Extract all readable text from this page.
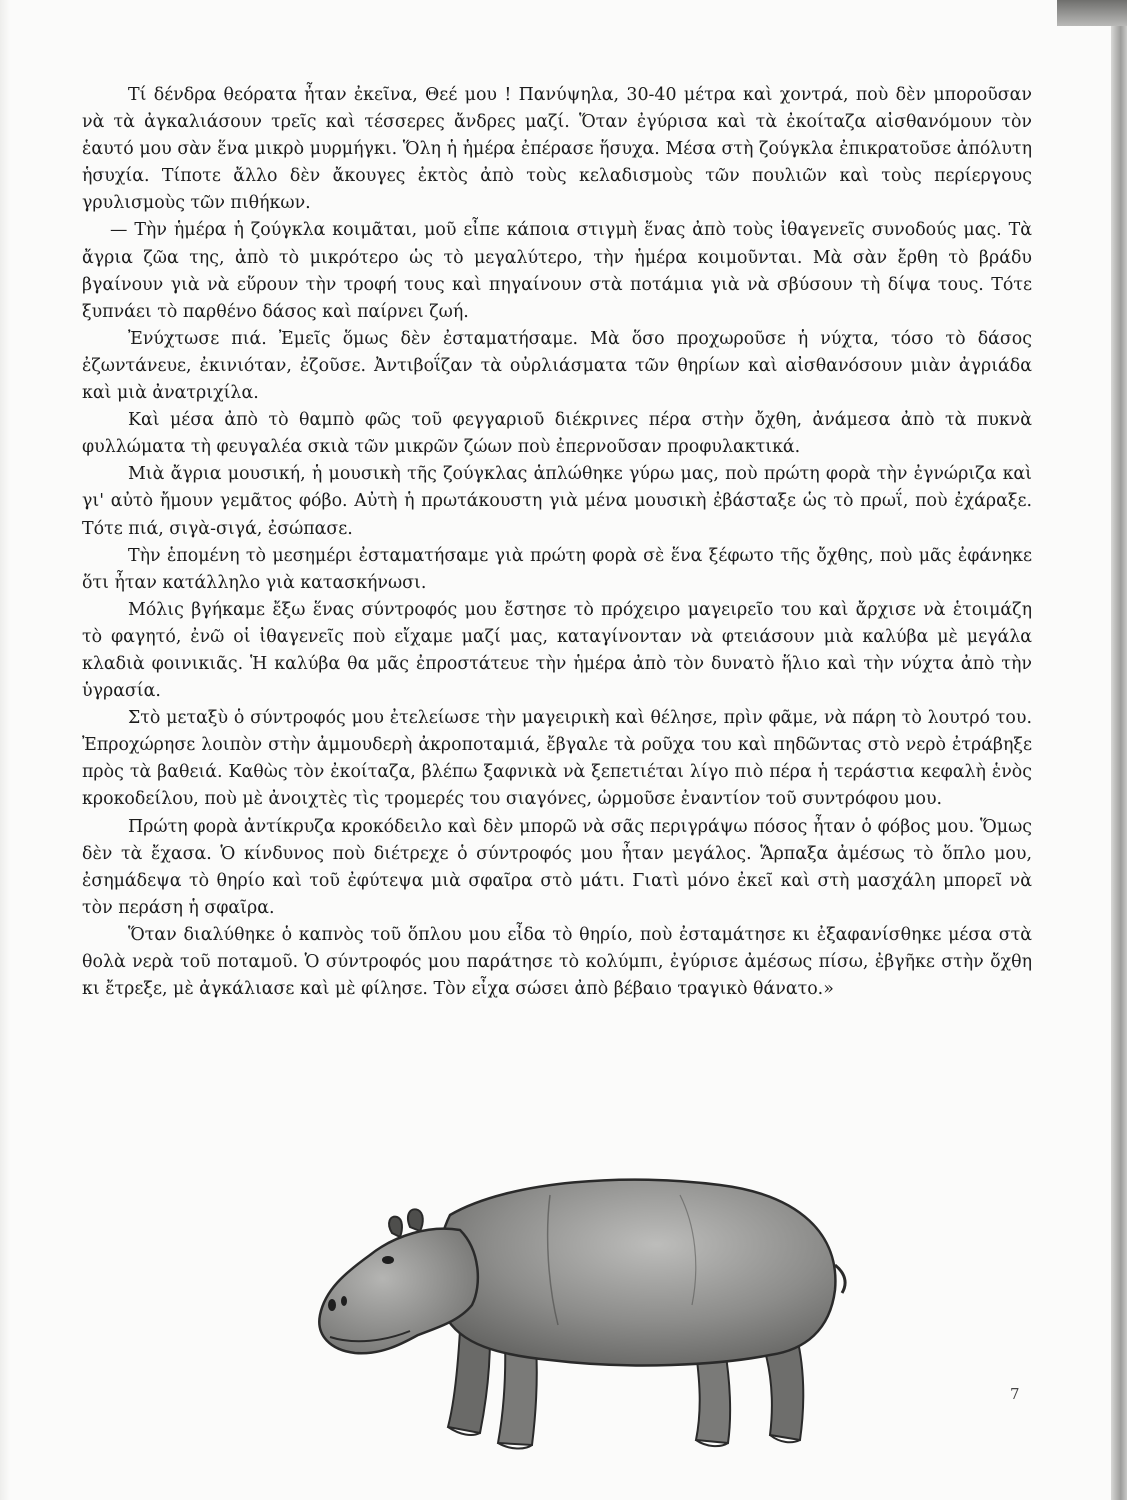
Τί δένδρα θεόρατα ἦταν ἐκεῖνα, Θεέ μου ! Πανύψηλα, 30-40 μέτρα καὶ χοντρά, ποὺ δὲν μποροῦσαν νὰ τὰ ἀγκαλιάσουν τρεῖς καὶ τέσσερες ἄνδρες μαζί. Ὅταν ἐγύρισα καὶ τὰ ἐκοίταζα αἰσθανόμουν τὸν ἑαυτό μου σὰν ἕνα μικρὸ μυρμήγκι. Ὅλη ἡ ἡμέρα ἐπέρασε ἥσυχα. Μέσα στὴ ζούγκλα ἐπικρατοῦσε ἀπόλυτη ἡσυχία. Τίποτε ἄλλο δὲν ἄκουγες ἐκτὸς ἀπὸ τοὺς κελαδισμοὺς τῶν πουλιῶν καὶ τοὺς περίεργους γρυλισμοὺς τῶν πιθήκων.

— Τὴν ἡμέρα ἡ ζούγκλα κοιμᾶται, μοῦ εἶπε κάποια στιγμὴ ἕνας ἀπὸ τοὺς ἰθαγενεῖς συνοδούς μας. Τὰ ἄγρια ζῶα της, ἀπὸ τὸ μικρότερο ὡς τὸ μεγαλύτερο, τὴν ἡμέρα κοιμοῦνται. Μὰ σὰν ἔρθη τὸ βράδυ βγαίνουν γιὰ νὰ εὕρουν τὴν τροφή τους καὶ πηγαίνουν στὰ ποτάμια γιὰ νὰ σβύσουν τὴ δίψα τους. Τότε ξυπνάει τὸ παρθένο δάσος καὶ παίρνει ζωή.

Ἐνύχτωσε πιά. Ἐμεῖς ὅμως δὲν ἐσταματήσαμε. Μὰ ὅσο προχωροῦσε ἡ νύχτα, τόσο τὸ δάσος ἐζωντάνευε, ἐκινιόταν, ἐζοῦσε. Ἀντιβοΐζαν τὰ οὐρλιάσματα τῶν θηρίων καὶ αἰσθανόσουν μιὰν ἀγριάδα καὶ μιὰ ἀνατριχίλα.

Καὶ μέσα ἀπὸ τὸ θαμπὸ φῶς τοῦ φεγγαριοῦ διέκρινες πέρα στὴν ὄχθη, ἀνάμεσα ἀπὸ τὰ πυκνὰ φυλλώματα τὴ φευγαλέα σκιὰ τῶν μικρῶν ζώων ποὺ ἐπερνοῦσαν προφυλακτικά.

Μιὰ ἄγρια μουσική, ἡ μουσικὴ τῆς ζούγκλας ἁπλώθηκε γύρω μας, ποὺ πρώτη φορὰ τὴν ἐγνώριζα καὶ γι' αὐτὸ ἤμουν γεμᾶτος φόβο. Αὐτὴ ἡ πρωτάκουστη γιὰ μένα μουσικὴ ἐβάσταξε ὡς τὸ πρωΐ, ποὺ ἐχάραξε. Τότε πιά, σιγὰ-σιγά, ἐσώπασε.

Τὴν ἑπομένη τὸ μεσημέρι ἐσταματήσαμε γιὰ πρώτη φορὰ σὲ ἕνα ξέφωτο τῆς ὄχθης, ποὺ μᾶς ἐφάνηκε ὅτι ἦταν κατάλληλο γιὰ κατασκήνωσι.

Μόλις βγήκαμε ἔξω ἕνας σύντροφός μου ἔστησε τὸ πρόχειρο μαγειρεῖο του καὶ ἄρχισε νὰ ἑτοιμάζη τὸ φαγητό, ἐνῶ οἱ ἰθαγενεῖς ποὺ εἴχαμε μαζί μας, καταγίνονταν νὰ φτειάσουν μιὰ καλύβα μὲ μεγάλα κλαδιὰ φοινικιᾶς. Ἡ καλύβα θα μᾶς ἐπροστάτευε τὴν ἡμέρα ἀπὸ τὸν δυνατὸ ἥλιο καὶ τὴν νύχτα ἀπὸ τὴν ὑγρασία.

Στὸ μεταξὺ ὁ σύντροφός μου ἐτελείωσε τὴν μαγειρικὴ καὶ θέλησε, πρὶν φᾶμε, νὰ πάρη τὸ λουτρό του. Ἐπροχώρησε λοιπὸν στὴν ἀμμουδερὴ ἀκροποταμιά, ἔβγαλε τὰ ροῦχα του καὶ πηδῶντας στὸ νερὸ ἐτράβηξε πρὸς τὰ βαθειά. Καθὼς τὸν ἐκοίταζα, βλέπω ξαφνικὰ νὰ ξεπετιέται λίγο πιὸ πέρα ἡ τεράστια κεφαλὴ ἑνὸς κροκοδείλου, ποὺ μὲ ἀνοιχτὲς τὶς τρομερές του σιαγόνες, ὡρμοῦσε ἐναντίον τοῦ συντρόφου μου.

Πρώτη φορὰ ἀντίκρυζα κροκόδειλο καὶ δὲν μπορῶ νὰ σᾶς περιγράψω πόσος ἦταν ὁ φόβος μου. Ὅμως δὲν τὰ ἔχασα. Ὁ κίνδυνος ποὺ διέτρεχε ὁ σύντροφός μου ἦταν μεγάλος. Ἅρπαξα ἀμέσως τὸ ὅπλο μου, ἐσημάδεψα τὸ θηρίο καὶ τοῦ ἐφύτεψα μιὰ σφαῖρα στὸ μάτι. Γιατὶ μόνο ἐκεῖ καὶ στὴ μασχάλη μπορεῖ νὰ τὸν περάση ἡ σφαῖρα.

Ὅταν διαλύθηκε ὁ καπνὸς τοῦ ὅπλου μου εἶδα τὸ θηρίο, ποὺ ἐσταμάτησε κι ἐξαφανίσθηκε μέσα στὰ θολὰ νερὰ τοῦ ποταμοῦ. Ὁ σύντροφός μου παράτησε τὸ κολύμπι, ἐγύρισε ἀμέσως πίσω, ἐβγῆκε στὴν ὄχθη κι ἔτρεξε, μὲ ἀγκάλιασε καὶ μὲ φίλησε. Τὸν εἶχα σώσει ἀπὸ βέβαιο τραγικὸ θάνατο.»

7
